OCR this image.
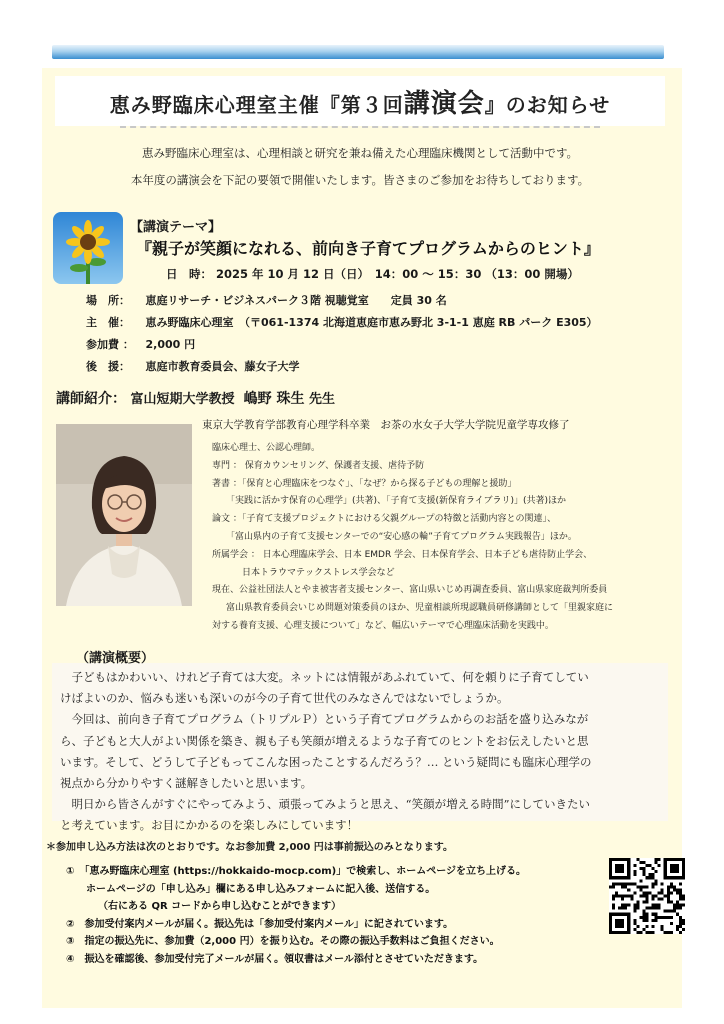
恵み野臨床心理室主催『第３回講演会』のお知らせ
恵み野臨床心理室は、心理相談と研究を兼ね備えた心理臨床機関として活動中です。
本年度の講演会を下記の要領で開催いたします。皆さまのご参加をお待ちしております。
【講演テーマ】
『親子が笑顔になれる、前向き子育てプログラムからのヒント』
日　時： 2025 年 10 月 12 日（日）　14：00 ～ 15：30 （13：00 開場）
場　所： 恵庭リサーチ・ビジネスパーク３階 視聴覚室　　定員 30 名
主　催： 恵み野臨床心理室　（〒061-1374 北海道恵庭市恵み野北 3-1-1 恵庭 RB パーク E305）
参加費 ： 2,000 円
後　援： 恵庭市教育委員会、藤女子大学
講師紹介： 富山短期大学教授 嶋野 珠生 先生
東京大学教育学部教育心理学科卒業　お茶の水女子大学大学院児童学専攻修了
臨床心理士、公認心理師。
専門 ： 保育カウンセリング、保護者支援、虐待予防
著書 ：「保育と心理臨床をつなぐ」、「なぜ？から探る子どもの理解と援助」
「実践に活かす保育の心理学」(共著)、「子育て支援(新保育ライブラリ)」(共著)ほか
論文 ：「子育て支援プロジェクトにおける父親グループの特徴と活動内容との関連」、
「富山県内の子育て支援センターでの“安心感の輪”子育てプログラム実践報告」ほか。
所属学会 ： 日本心理臨床学会、日本 EMDR 学会、日本保育学会、日本子ども虐待防止学会、
日本トラウマテックストレス学会など
現在、公益社団法人とやま被害者支援センター、富山県いじめ再調査委員、富山県家庭裁判所委員
富山県教育委員会いじめ問題対策委員のほか、児童相談所現認職員研修講師として「里親家庭に
対する養育支援、心理支援について」など、幅広いテーマで心理臨床活動を実践中。
（講演概要）
　子どもはかわいい、けれど子育ては大変。ネットには情報があふれていて、何を頼りに子育てしてい
けばよいのか、悩みも迷いも深いのが今の子育て世代のみなさんではないでしょうか。
　今回は、前向き子育てプログラム（トリプルＰ）という子育てプログラムからのお話を盛り込みなが
ら、子どもと大人がよい関係を築き、親も子も笑顔が増えるような子育てのヒントをお伝えしたいと思
います。そして、どうして子どもってこんな困ったことするんだろう？… という疑問にも臨床心理学の
視点から分かりやすく謎解きしたいと思います。
　明日から皆さんがすぐにやってみよう、頑張ってみようと思え、“笑顔が増える時間”にしていきたい
と考えています。お目にかかるのを楽しみにしています！
＊参加申し込み方法は次のとおりです。なお参加費 2,000 円は事前振込のみとなります。
①　「恵み野臨床心理室 (https://hokkaido-mocp.com)」で検索し、ホームページを立ち上げる。
ホームページの「申し込み」欄にある申し込みフォームに記入後、送信する。
（右にある QR コードから申し込むことができます）
②　参加受付案内メールが届く。振込先は「参加受付案内メール」に記されています。
③　指定の振込先に、参加費（2,000 円）を振り込む。その際の振込手数料はご負担ください。
④　振込を確認後、参加受付完了メールが届く。領収書はメール添付とさせていただきます。
